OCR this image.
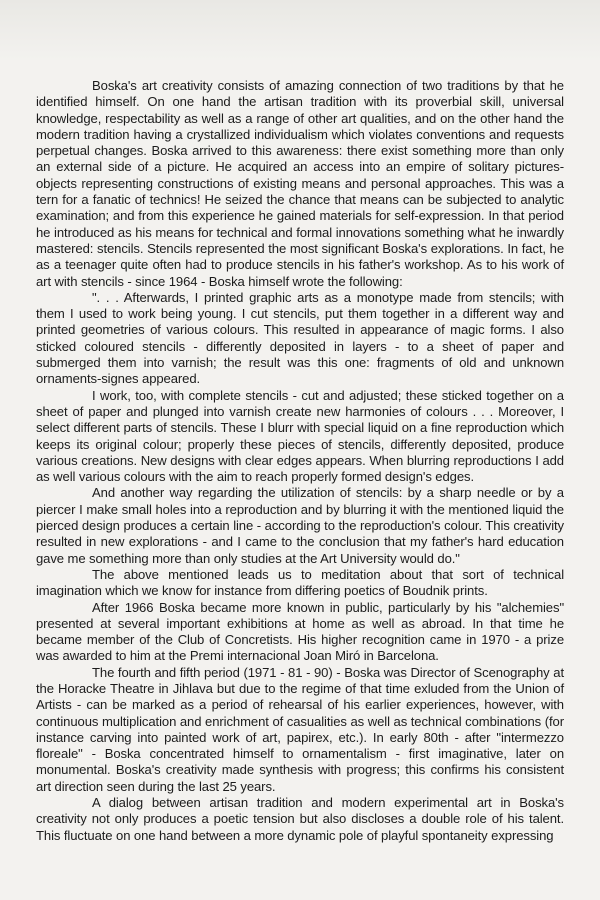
Boska's art creativity consists of amazing connection of two traditions by that he identified himself. On one hand the artisan tradition with its proverbial skill, universal knowledge, respectability as well as a range of other art qualities, and on the other hand the modern tradition having a crystallized individualism which violates conventions and requests perpetual changes. Boska arrived to this awareness: there exist something more than only an external side of a picture. He acquired an access into an empire of solitary pictures-objects representing constructions of existing means and personal approaches. This was a tern for a fanatic of technics! He seized the chance that means can be subjected to analytic examination; and from this experience he gained materials for self-expression. In that period he introduced as his means for technical and formal innovations something what he inwardly mastered: stencils. Stencils represented the most significant Boska's explorations. In fact, he as a teenager quite often had to produce stencils in his father's workshop. As to his work of art with stencils - since 1964 - Boska himself wrote the following:

". . . Afterwards, I printed graphic arts as a monotype made from stencils; with them I used to work being young. I cut stencils, put them together in a different way and printed geometries of various colours. This resulted in appearance of magic forms. I also sticked coloured stencils - differently deposited in layers - to a sheet of paper and submerged them into varnish; the result was this one: fragments of old and unknown ornaments-signes appeared.

I work, too, with complete stencils - cut and adjusted; these sticked together on a sheet of paper and plunged into varnish create new harmonies of colours . . . Moreover, I select different parts of stencils. These I blurr with special liquid on a fine reproduction which keeps its original colour; properly these pieces of stencils, differently deposited, produce various creations. New designs with clear edges appears. When blurring reproductions I add as well various colours with the aim to reach properly formed design's edges.

And another way regarding the utilization of stencils: by a sharp needle or by a piercer I make small holes into a reproduction and by blurring it with the mentioned liquid the pierced design produces a certain line - according to the reproduction's colour. This creativity resulted in new explorations - and I came to the conclusion that my father's hard education gave me something more than only studies at the Art University would do."

The above mentioned leads us to meditation about that sort of technical imagination which we know for instance from differing poetics of Boudnik prints.

After 1966 Boska became more known in public, particularly by his "alchemies" presented at several important exhibitions at home as well as abroad. In that time he became member of the Club of Concretists. His higher recognition came in 1970 - a prize was awarded to him at the Premi internacional Joan Miró in Barcelona.

The fourth and fifth period (1971 - 81 - 90) - Boska was Director of Scenography at the Horacke Theatre in Jihlava but due to the regime of that time exluded from the Union of Artists - can be marked as a period of rehearsal of his earlier experiences, however, with continuous multiplication and enrichment of casualities as well as technical combinations (for instance carving into painted work of art, papirex, etc.). In early 80th - after "intermezzo floreale" - Boska concentrated himself to ornamentalism - first imaginative, later on monumental. Boska's creativity made synthesis with progress; this confirms his consistent art direction seen during the last 25 years.

A dialog between artisan tradition and modern experimental art in Boska's creativity not only produces a poetic tension but also discloses a double role of his talent. This fluctuate on one hand between a more dynamic pole of playful spontaneity expressing
